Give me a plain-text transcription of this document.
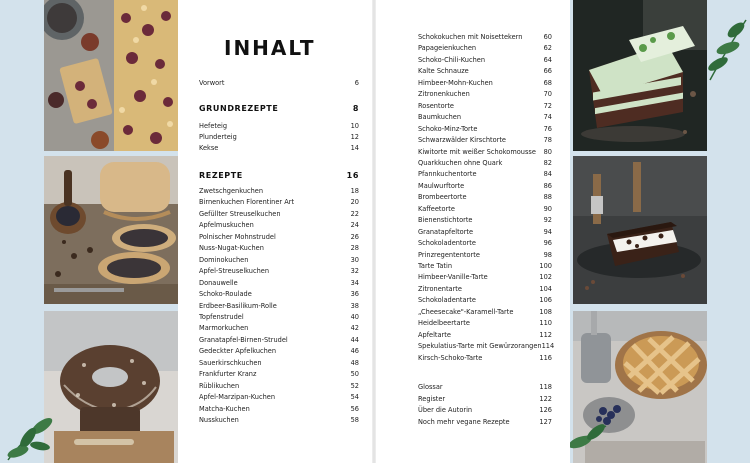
INHALT
Vorwort	6
GRUNDREZEPTE	8
Hefeteig	10
Plunderteig	12
Kekse	14
REZEPTE	16
Zwetschgenkuchen	18
Birnenkuchen Florentiner Art	20
Gefüllter Streuselkuchen	22
Apfelmuskuchen	24
Polnischer Mohnstrudel	26
Nuss-Nugat-Kuchen	28
Dominokuchen	30
Apfel-Streuselkuchen	32
Donauwelle	34
Schoko-Roulade	36
Erdbeer-Basilikum-Rolle	38
Topfenstrudel	40
Marmorkuchen	42
Granatapfel-Birnen-Strudel	44
Gedeckter Apfelkuchen	46
Sauerkirschkuchen	48
Frankfurter Kranz	50
Rüblikuchen	52
Apfel-Marzipan-Kuchen	54
Matcha-Kuchen	56
Nusskuchen	58
Schokokuchen mit Noisettekern	60
Papageienkuchen	62
Schoko-Chili-Kuchen	64
Kalte Schnauze	66
Himbeer-Mohn-Kuchen	68
Zitronenkuchen	70
Rosentorte	72
Baumkuchen	74
Schoko-Minz-Torte	76
Schwarzwälder Kirschtorte	78
Kiwitorte mit weißer Schokomousse 80
Quarkkuchen ohne Quark	82
Pfannkuchentorte	84
Maulwurftorte	86
Brombeertorte	88
Kaffeetorte	90
Bienenstichtorte	92
Granatapfeltorte	94
Schokoladentorte	96
Prinzregententorte	98
Tarte Tatin	100
Himbeer-Vanille-Tarte	102
Zitronentarte	104
Schokoladentarte	106
„Cheesecake"-Karamell-Tarte	108
Heidelbeertarte	110
Apfeltarte	112
Spekulatius-Tarte mit Gewürzorangen 114
Kirsch-Schoko-Tarte	116
Glossar	118
Register	122
Über die Autorin	126
Noch mehr vegane Rezepte	127
